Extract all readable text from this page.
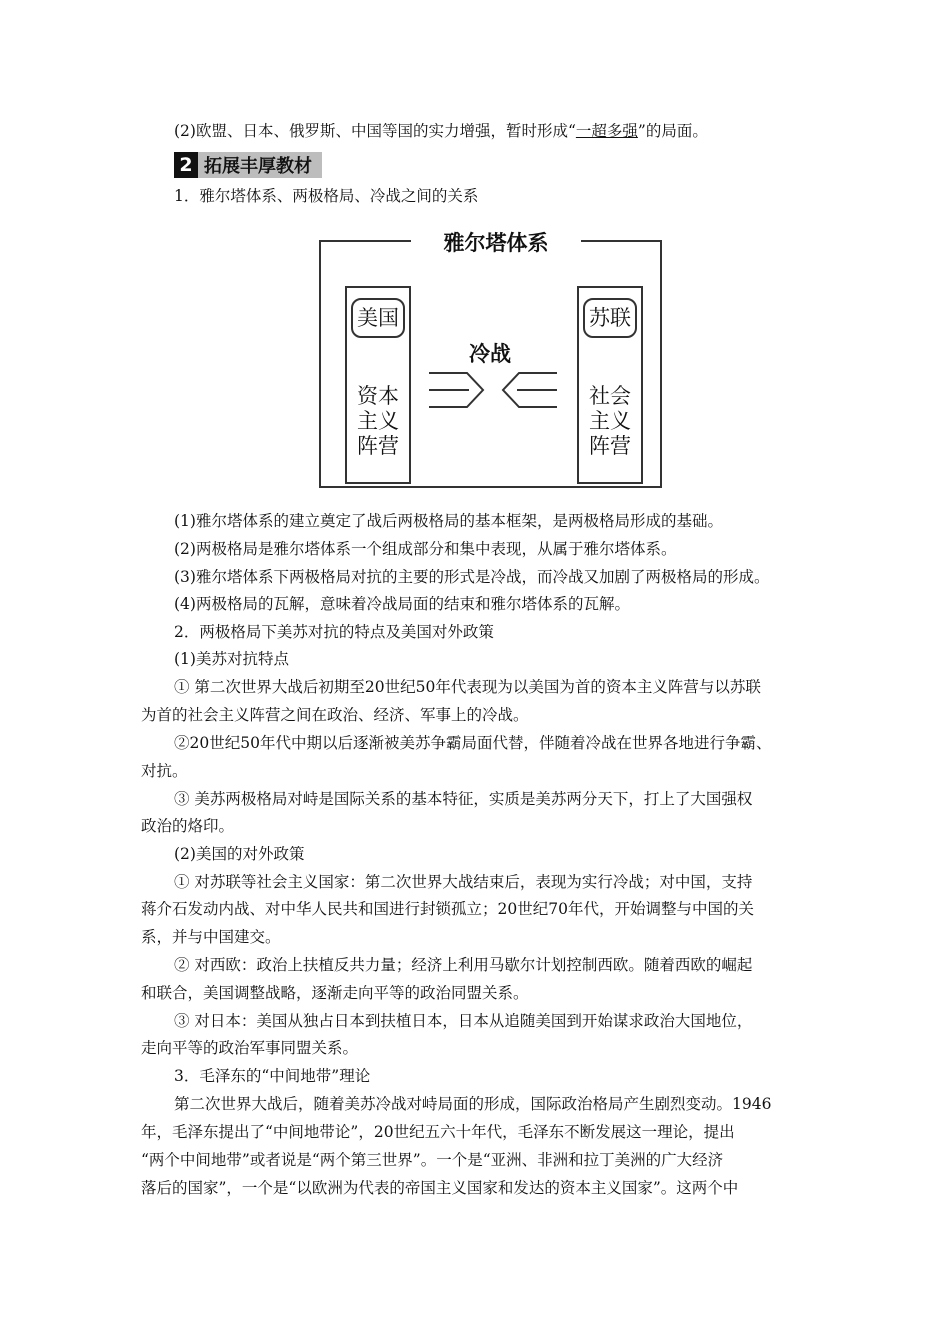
(2)欧盟、日本、俄罗斯、中国等国的实力增强，暂时形成“一超多强”的局面。
2 拓展丰厚教材
1．雅尔塔体系、两极格局、冷战之间的关系
雅尔塔体系
美国
资本主义阵营
苏联
社会主义阵营
冷战
(1)雅尔塔体系的建立奠定了战后两极格局的基本框架，是两极格局形成的基础。
(2)两极格局是雅尔塔体系一个组成部分和集中表现，从属于雅尔塔体系。
(3)雅尔塔体系下两极格局对抗的主要的形式是冷战，而冷战又加剧了两极格局的形成。
(4)两极格局的瓦解，意味着冷战局面的结束和雅尔塔体系的瓦解。
2．两极格局下美苏对抗的特点及美国对外政策
(1)美苏对抗特点
① 第二次世界大战后初期至20世纪50年代表现为以美国为首的资本主义阵营与以苏联
为首的社会主义阵营之间在政治、经济、军事上的冷战。
②20世纪50年代中期以后逐渐被美苏争霸局面代替，伴随着冷战在世界各地进行争霸、
对抗。
③ 美苏两极格局对峙是国际关系的基本特征，实质是美苏两分天下，打上了大国强权
政治的烙印。
(2)美国的对外政策
① 对苏联等社会主义国家：第二次世界大战结束后，表现为实行冷战；对中国，支持
蒋介石发动内战、对中华人民共和国进行封锁孤立；20世纪70年代，开始调整与中国的关
系，并与中国建交。
② 对西欧：政治上扶植反共力量；经济上利用马歇尔计划控制西欧。随着西欧的崛起
和联合，美国调整战略，逐渐走向平等的政治同盟关系。
③ 对日本：美国从独占日本到扶植日本，日本从追随美国到开始谋求政治大国地位，
走向平等的政治军事同盟关系。
3．毛泽东的“中间地带”理论
第二次世界大战后，随着美苏冷战对峙局面的形成，国际政治格局产生剧烈变动。1946
年，毛泽东提出了“中间地带论”，20世纪五六十年代，毛泽东不断发展这一理论，提出
“两个中间地带”或者说是“两个第三世界”。一个是“亚洲、非洲和拉丁美洲的广大经济
落后的国家”，一个是“以欧洲为代表的帝国主义国家和发达的资本主义国家”。这两个中
